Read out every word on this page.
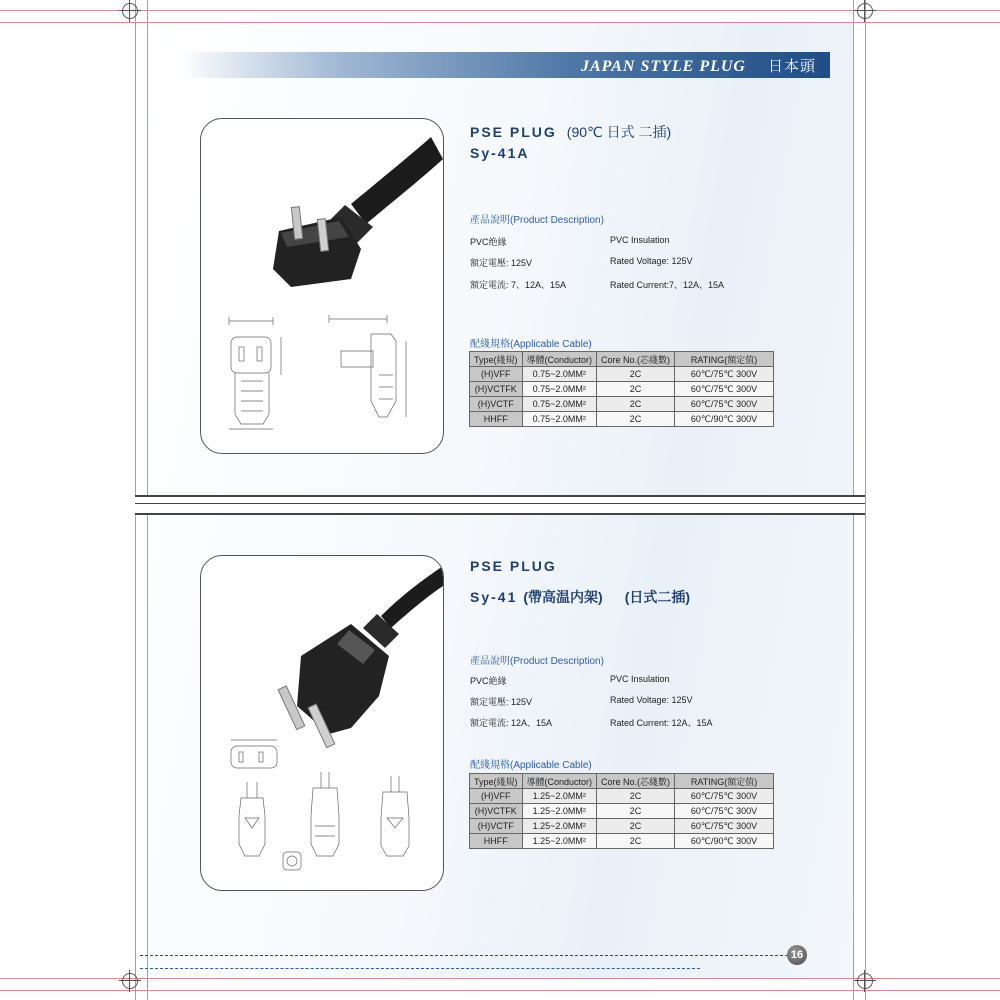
JAPAN STYLE PLUG 日本頭
PSE PLUG (90℃ 日式 二插)
Sy-41A
產品說明(Product Description)
PVC绝緣	PVC Insulation
額定電壓: 125V	Rated Voltage: 125V
額定電流: 7、12A、15A	Rated Current:7、12A、15A
配綫規格(Applicable Cable)
Type(綫規)	導體(Conductor)	Core No.(芯綫數)	RATING(額定值)
(H)VFF	0.75~2.0MM²	2C	60℃/75℃ 300V
(H)VCTFK	0.75~2.0MM²	2C	60℃/75℃ 300V
(H)VCTF	0.75~2.0MM²	2C	60℃/75℃ 300V
HHFF	0.75~2.0MM²	2C	60℃/90℃ 300V
PSE PLUG
Sy-41 (帶高温内架) (日式二插)
產品說明(Product Description)
PVC絶緣	PVC Insulation
額定電壓: 125V	Rated Voltage: 125V
額定電流: 12A、15A	Rated Current: 12A、15A
配綫規格(Applicable Cable)
Type(綫規)	導體(Conductor)	Core No.(芯綫數)	RATING(額定值)
(H)VFF	1.25~2.0MM²	2C	60℃/75℃ 300V
(H)VCTFK	1.25~2.0MM²	2C	60℃/75℃ 300V
(H)VCTF	1.25~2.0MM²	2C	60℃/75℃ 300V
HHFF	1.25~2.0MM²	2C	60℃/90℃ 300V
16
